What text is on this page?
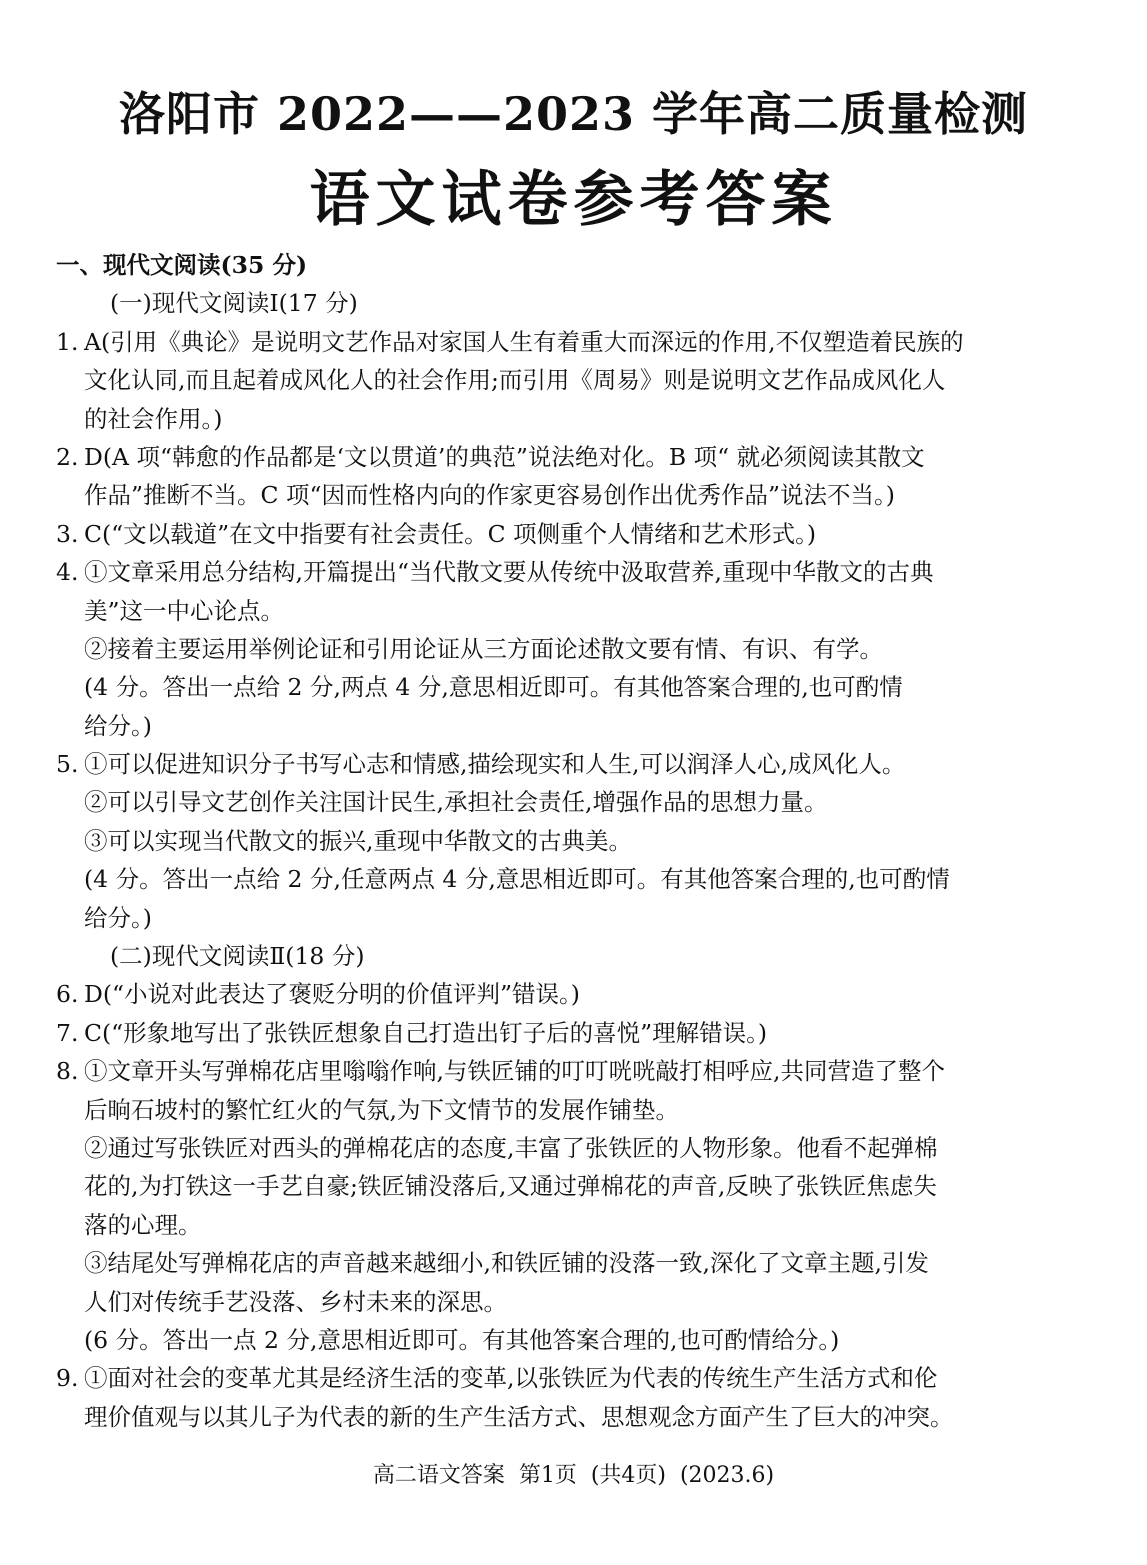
洛阳市 2022——2023 学年高二质量检测
语文试卷参考答案
一、现代文阅读(35 分)
(一)现代文阅读Ⅰ(17 分)
1. A(引用《典论》是说明文艺作品对家国人生有着重大而深远的作用,不仅塑造着民族的
文化认同,而且起着成风化人的社会作用;而引用《周易》则是说明文艺作品成风化人
的社会作用。)
2. D(A 项“韩愈的作品都是‘文以贯道’的典范”说法绝对化。B 项“ 就必须阅读其散文
作品”推断不当。C 项“因而性格内向的作家更容易创作出优秀作品”说法不当。)
3. C(“文以载道”在文中指要有社会责任。C 项侧重个人情绪和艺术形式。)
4. ①文章采用总分结构,开篇提出“当代散文要从传统中汲取营养,重现中华散文的古典
美”这一中心论点。
②接着主要运用举例论证和引用论证从三方面论述散文要有情、有识、有学。
(4 分。答出一点给 2 分,两点 4 分,意思相近即可。有其他答案合理的,也可酌情
给分。)
5. ①可以促进知识分子书写心志和情感,描绘现实和人生,可以润泽人心,成风化人。
②可以引导文艺创作关注国计民生,承担社会责任,增强作品的思想力量。
③可以实现当代散文的振兴,重现中华散文的古典美。
(4 分。答出一点给 2 分,任意两点 4 分,意思相近即可。有其他答案合理的,也可酌情
给分。)
(二)现代文阅读Ⅱ(18 分)
6. D(“小说对此表达了褒贬分明的价值评判”错误。)
7. C(“形象地写出了张铁匠想象自己打造出钉子后的喜悦”理解错误。)
8. ①文章开头写弹棉花店里嗡嗡作响,与铁匠铺的叮叮咣咣敲打相呼应,共同营造了整个
后晌石坡村的繁忙红火的气氛,为下文情节的发展作铺垫。
②通过写张铁匠对西头的弹棉花店的态度,丰富了张铁匠的人物形象。他看不起弹棉
花的,为打铁这一手艺自豪;铁匠铺没落后,又通过弹棉花的声音,反映了张铁匠焦虑失
落的心理。
③结尾处写弹棉花店的声音越来越细小,和铁匠铺的没落一致,深化了文章主题,引发
人们对传统手艺没落、乡村未来的深思。
(6 分。答出一点 2 分,意思相近即可。有其他答案合理的,也可酌情给分。)
9. ①面对社会的变革尤其是经济生活的变革,以张铁匠为代表的传统生产生活方式和伦
理价值观与以其儿子为代表的新的生产生活方式、思想观念方面产生了巨大的冲突。
高二语文答案  第1页  (共4页)  (2023.6)
